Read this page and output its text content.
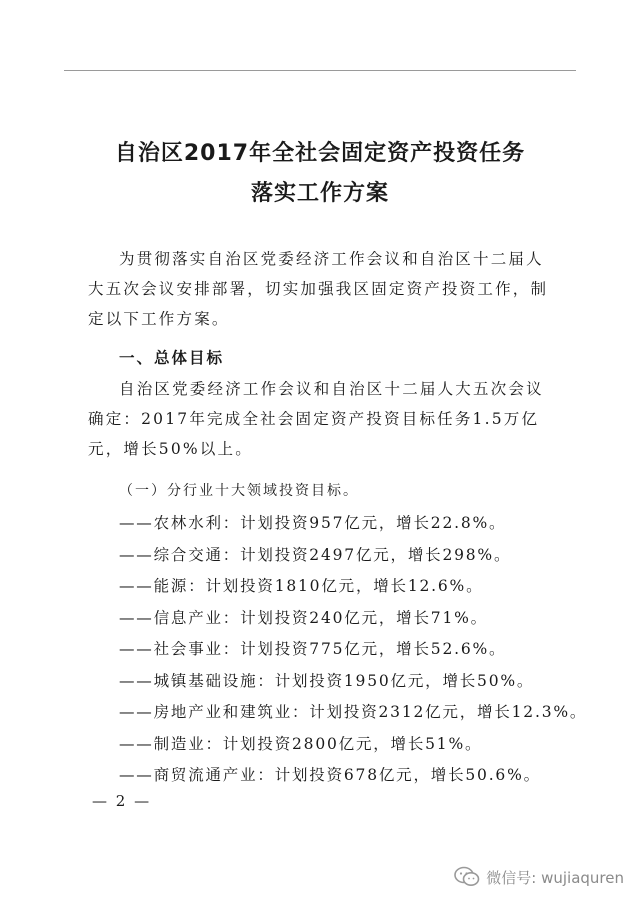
自治区2017年全社会固定资产投资任务
落实工作方案
为贯彻落实自治区党委经济工作会议和自治区十二届人大五次会议安排部署，切实加强我区固定资产投资工作，制定以下工作方案。
一、总体目标
自治区党委经济工作会议和自治区十二届人大五次会议确定：2017年完成全社会固定资产投资目标任务1.5万亿元，增长50%以上。
（一）分行业十大领域投资目标。
——农林水利：计划投资957亿元，增长22.8%。
——综合交通：计划投资2497亿元，增长298%。
——能源：计划投资1810亿元，增长12.6%。
——信息产业：计划投资240亿元，增长71%。
——社会事业：计划投资775亿元，增长52.6%。
——城镇基础设施：计划投资1950亿元，增长50%。
——房地产业和建筑业：计划投资2312亿元，增长12.3%。
——制造业：计划投资2800亿元，增长51%。
——商贸流通产业：计划投资678亿元，增长50.6%。
— 2 —
微信号: wujiaquren
